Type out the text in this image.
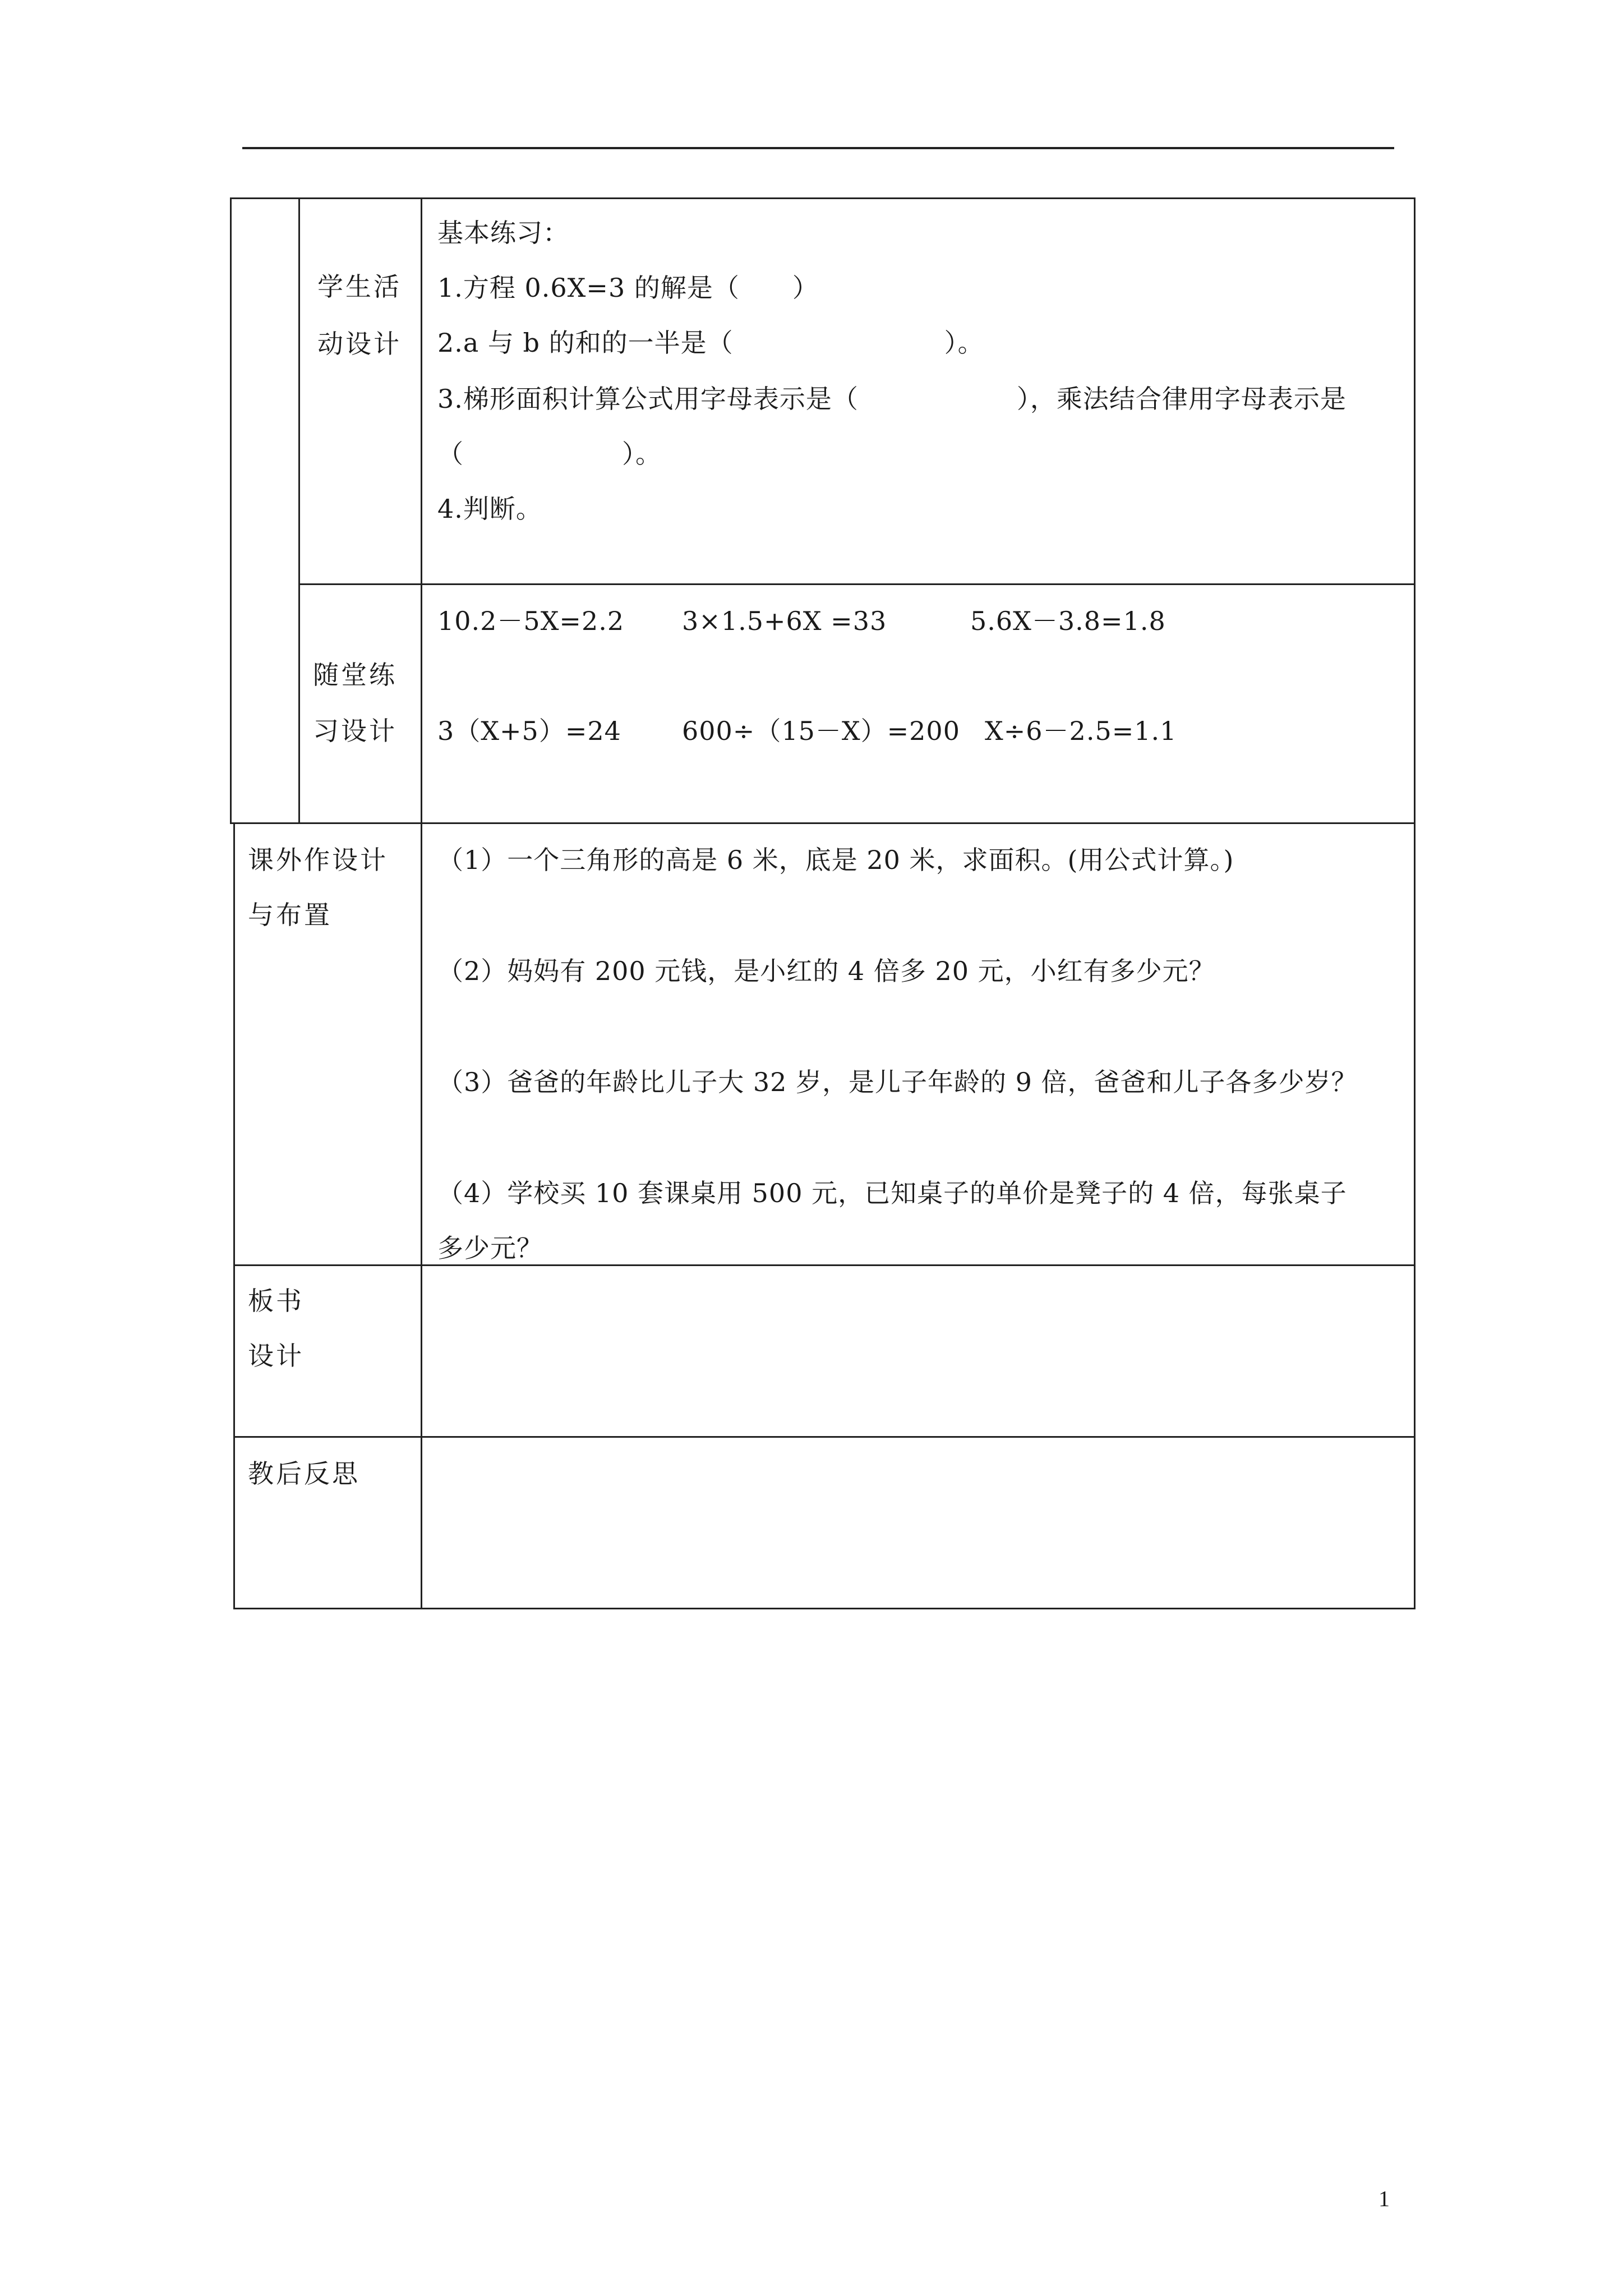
学生活
动设计
基本练习：
1.方程 0.6X=3 的解是（　　）
2.a 与 b 的和的一半是（　　　　　　　　）。
3.梯形面积计算公式用字母表示是（　　　　　　），乘法结合律用字母表示是
（　　　　　　）。
4.判断。
随堂练
习设计
10.2－5X=2.2 3×1.5+6X =33	5.6X－3.8=1.8
3（X+5）=24 600÷（15－X）=200 X÷6－2.5=1.1
课外作设计
与布置
（1）一个三角形的高是 6 米，底是 20 米，求面积。(用公式计算。)
（2）妈妈有 200 元钱，是小红的 4 倍多 20 元，小红有多少元？
（3）爸爸的年龄比儿子大 32 岁，是儿子年龄的 9 倍，爸爸和儿子各多少岁？
（4）学校买 10 套课桌用 500 元，已知桌子的单价是凳子的 4 倍，每张桌子
多少元？
板书
设计
教后反思
1
